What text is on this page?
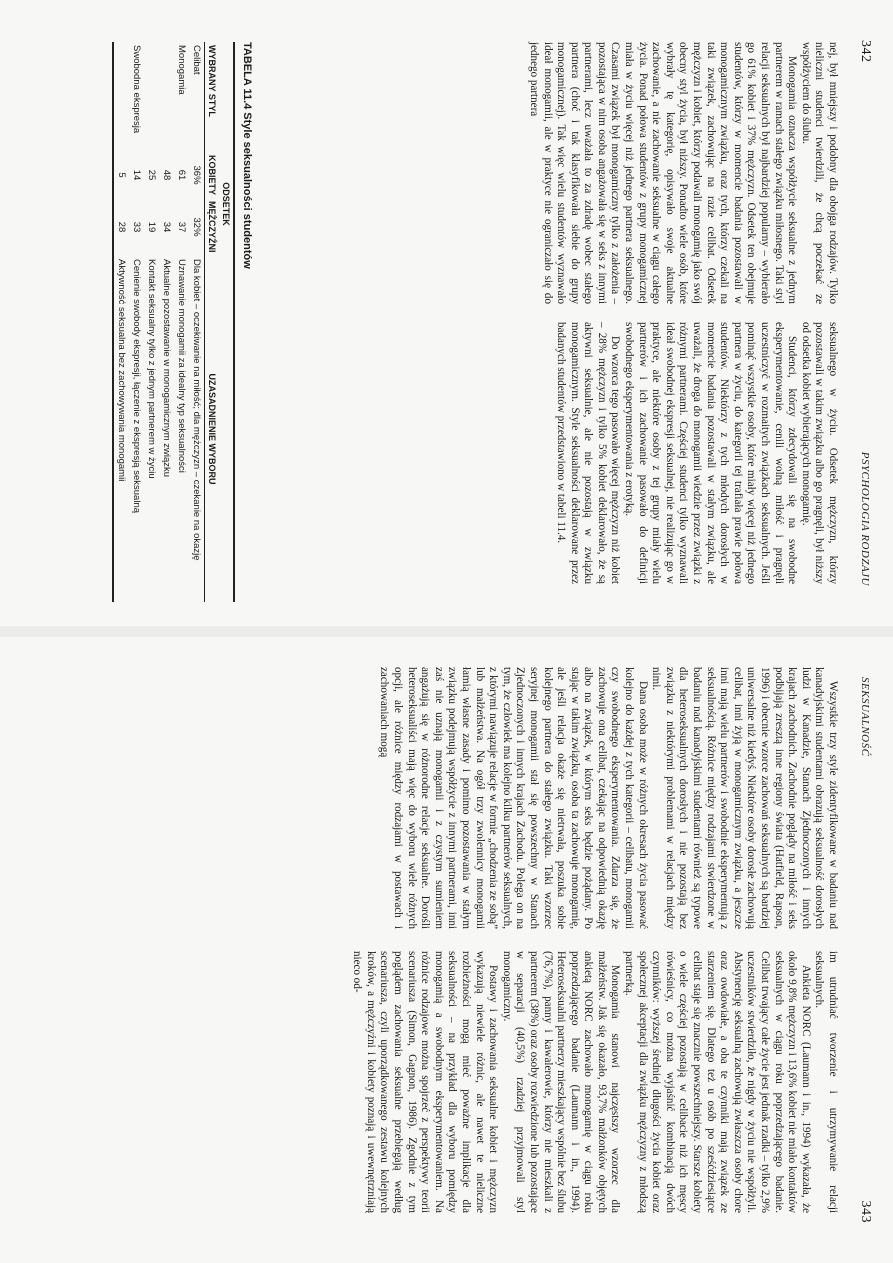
342
PSYCHOLOGIA RODZAJU

nej, był mniejszy i podobny dla obojga rodzajów. Tylko nieliczni studenci twierdzili, że chcą poczekać ze współżyciem do ślubu.

Monogamia oznacza współżycie seksualne z jednym partnerem w ramach stałego związku miłosnego. Taki styl relacji seksualnych był najbardziej popularny – wybierało go 61% kobiet i 37% mężczyzn. Odsetek ten obejmuje studentów, którzy w momencie badania pozostawali w monogamicznym związku, oraz tych, którzy czekali na taki związek, zachowując na razie celibat. Odsetek mężczyzn i kobiet, którzy podawali monogamię jako swój obecny styl życia, był niższy. Ponadto wiele osób, które wybrały tę kategorię, opisywało swoje aktualne zachowanie, a nie zachowanie seksualne w ciągu całego życia. Ponad połowa studentów z grupy monogamicznej miała w życiu więcej niż jednego partnera seksualnego. Czasami związek był monogamiczny tylko z założenia – pozostająca w nim osoba angażowała się w seks z innymi partnerami, lecz uważała to za zdradę wobec stałego partnera (choć i tak klasyfikowała siebie do grupy monogamicznej). Tak więc wielu studentów wyznawało ideał monogamii, ale w praktyce nie ograniczało się do jednego partnera

seksualnego w życiu. Odsetek mężczyzn, którzy pozostawali w takim związku albo go pragnęli, był niższy od odsetka kobiet wybierających monogamię.

Studenci, którzy zdecydowali się na swobodne eksperymentowanie, cenili wolną miłość i pragnęli uczestniczyć w rozmaitych związkach seksualnych. Jeśli pominąć wszystkie osoby, które miały więcej niż jednego partnera w życiu, do kategorii tej trafiała prawie połowa studentów. Niektórzy z tych młodych dorosłych w momencie badania pozostawali w stałym związku, ale uważali, że droga do monogamii wiedzie przez związki z różnymi partnerami. Częściej studenci tylko wyznawali ideał swobodnej ekspresji seksualnej, nie realizując go w praktyce, ale niektóre osoby z tej grupy miały wielu partnerów i ich zachowanie pasowało do definicji swobodnego eksperymentowania z erotyką.

Do wzorca tego pasowało więcej mężczyzn niż kobiet – 28% mężczyzn i tylko 5% kobiet deklarowało, że są aktywni seksualnie, ale nie pozostają w związku monogamicznym. Style seksualności deklarowane przez badanych studentów przedstawiono w tabeli 11.4.

TABELA 11.4 Style seksualności studentów
	ODSETEK		
WYBRANY STYL	KOBIETY	MĘŻCZYŹNI	UZASADNIENIE WYBORU
Celibat	36%	32%	Dla kobiet – oczekiwanie na miłość; dla mężczyzn – czekanie na okazję
Monogamia	61	37	Uznawanie monogamii za idealny typ seksualności
	48	34	Aktualne pozostawanie w monogamicznym związku
	25	19	Kontakt seksualny tylko z jednym partnerem w życiu
Swobodna ekspresja	14	33	Cenienie swobody ekspresji, łączenie z ekspresją seksualną
	5	28	Aktywność seksualna bez zachowywania monogamii
SEKSUALNOŚĆ
343

Wszystkie trzy style zidentyfikowane w badaniu nad kanadyjskimi studentami obrazują seksualność dorosłych ludzi w Kanadzie, Stanach Zjednoczonych i innych krajach zachodnich. Zachodnie poglądy na miłość i seks podbijają zresztą inne regiony świata (Hatfield, Rapson, 1996) i obecnie wzorce zachowań seksualnych są bardziej uniwersalne niż kiedyś. Niektóre osoby dorosłe zachowują celibat, inni żyją w monogamicznym związku, a jeszcze inni mają wielu partnerów i swobodnie eksperymentują z seksualnością. Różnice między rodzajami stwierdzone w badaniu nad kanadyjskimi studentami również są typowe dla heteroseksualnych dorosłych i nie pozostają bez związku z niektórymi problemami w relacjach między nimi.

Dana osoba może w różnych okresach życia pasować kolejno do każdej z tych kategorii – celibatu, monogamii czy swobodnego eksperymentowania. Zdarza się, że zachowuje ona celibat, czekając na odpowiednią okazję albo na związek, w którym seks będzie pożądany. Po stając w takim związku, osoba ta zachowuje monogamię, ale jeśli relacja okaże się nietrwała, poszuka sobie kolejnego partnera do stałego związku. Taki wzorzec seryjnej monogamii stał się powszechny w Stanach Zjednoczonych i innych krajach Zachodu. Polega on na tym, że człowiek ma kolejno kilku partnerów seksualnych, z którymi nawiązuje relacje w formie „chodzenia ze sobą” lub małżeństwa. Na ogół trzy zwolennicy monogamii łamią własne zasady i pomimo pozostawania w stałym związku podejmują współżycie z innymi partnerami, inni zaś nie uznają monogamii i z czystym sumieniem angażują się w różnorodne relacje seksualne. Dorośli heteroseksualiści mają więc do wyboru wiele różnych opcji, ale różnice między rodzajami w postawach i zachowaniach mogą

im utrudniać tworzenie i utrzymywanie relacji seksualnych.

Ankieta NORC (Laumann i in., 1994) wykazała, że około 9,8% mężczyzn i 13,6% kobiet nie miało kontaktów seksualnych w ciągu roku poprzedzającego badanie. Celibat trwający całe życie jest jednak rzadki – tylko 2,9% uczestników stwierdziło, że nigdy w życiu nie współżyli. Abstynencję seksualną zachowują zwłaszcza osoby chore oraz owdowiałe, a oba te czynniki mają związek ze starzeniem się. Dlatego też u osób po sześćdziesiątce celibat staje się znacznie powszechniejszy. Starsze kobiety o wiele częściej pozostają w celibacie niż ich męscy rówieśnicy, co można wyjaśnić kombinacją dwóch czynników: wyższej średniej długości życia kobiet oraz społecznej akceptacji dla związku mężczyzny z młodszą partnerką.

Monogamia stanowi najczęstszy wzorzec dla małżeństw. Jak się okazało, 93,7% małżonków objętych ankietą NORC zachowało monogamię w ciągu roku poprzedzającego badanie (Laumann i in., 1994). Heteroseksualni partnerzy mieszkający wspólnie bez ślubu (76,7%), panny i kawalerowie, którzy nie mieszkali z partnerem (38%) oraz osoby rozwiedzione lub pozostające w separacji (40,5%) rzadziej przyjmowali styl monogamiczny.

Postawy i zachowania seksualne kobiet i mężczyzn wykazują niewiele różnic, ale nawet te nieliczne rozbieżności mogą mieć poważne implikacje dla seksualności – na przykład dla wyboru pomiędzy monogamią a swobodnym eksperymentowaniem. Na różnice rodzajowe można spojrzeć z perspektywy teorii scenariusza (Simon, Gagnon, 1986). Zgodnie z tym poglądem zachowania seksualne przebiegają według scenariusza, czyli uporządkowanego zestawu kolejnych kroków, a mężczyźni i kobiety poznają i uwewnętrzniają nieco od-
